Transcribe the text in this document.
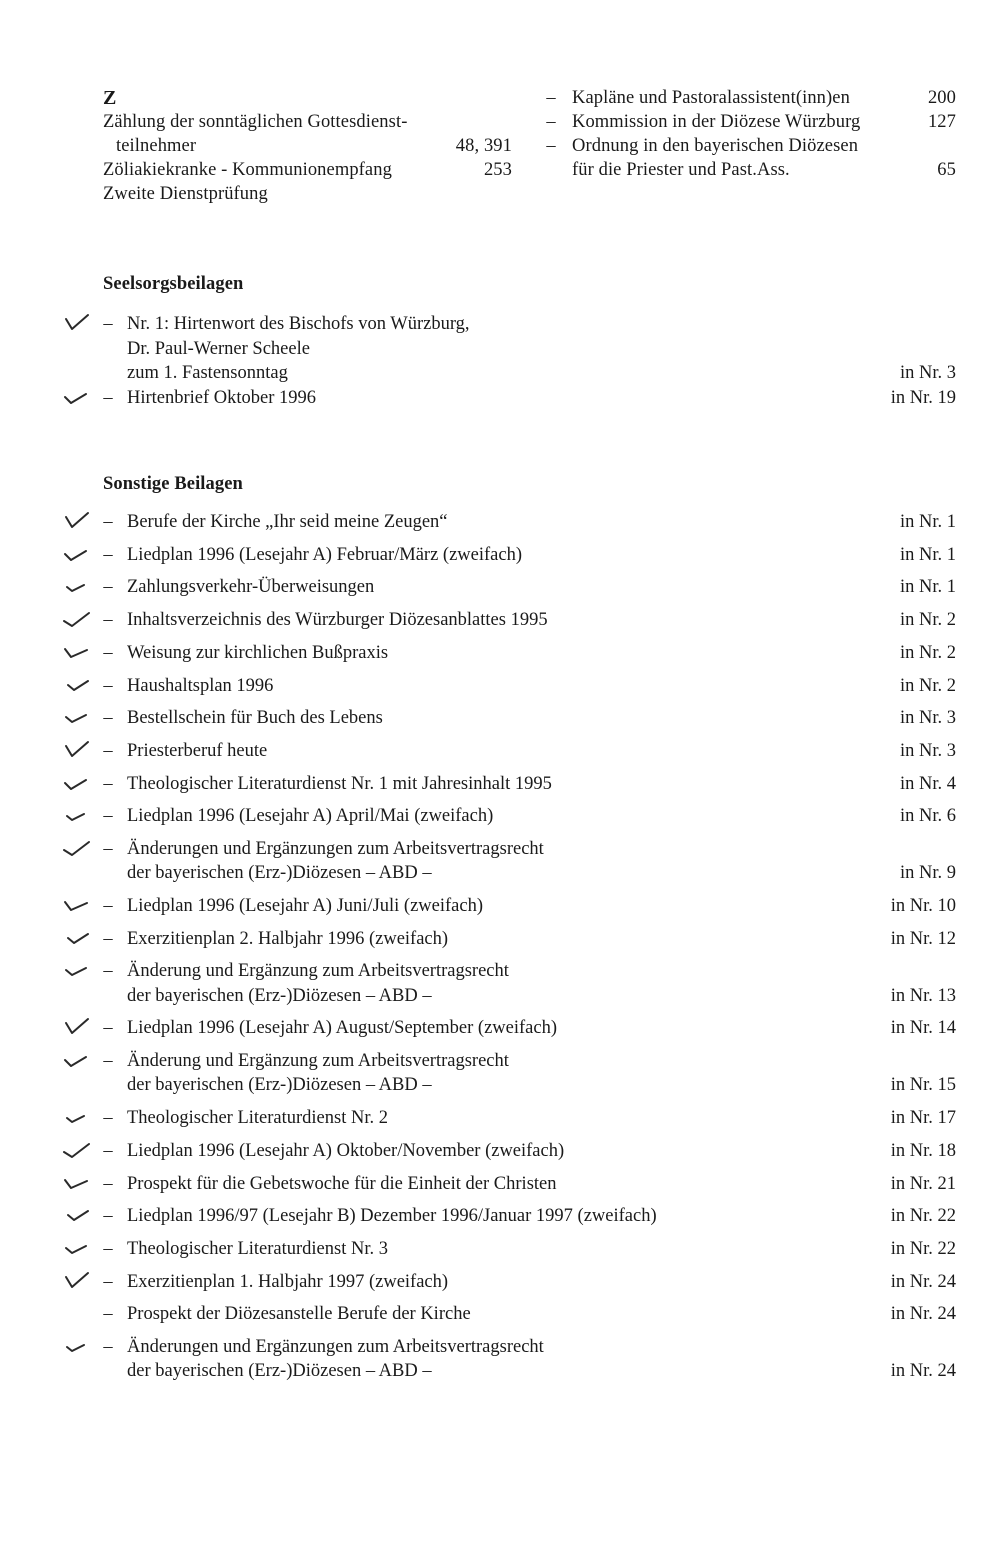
Z
Zählung der sonntäglichen Gottesdienst-
teilnehmer	48, 391
Zöliakiekranke - Kommunionempfang	253
Zweite Dienstprüfung
– Kapläne und Pastoralassistent(inn)en	200
– Kommission in der Diözese Würzburg	127
– Ordnung in den bayerischen Diözesen
für die Priester und Past.Ass.	65
Seelsorgsbeilagen
– Nr. 1: Hirtenwort des Bischofs von Würzburg,
Dr. Paul-Werner Scheele
zum 1. Fastensonntag	in Nr. 3
– Hirtenbrief Oktober 1996	in Nr. 19
Sonstige Beilagen
– Berufe der Kirche „Ihr seid meine Zeugen“	in Nr. 1
– Liedplan 1996 (Lesejahr A) Februar/März (zweifach)	in Nr. 1
– Zahlungsverkehr-Überweisungen	in Nr. 1
– Inhaltsverzeichnis des Würzburger Diözesanblattes 1995	in Nr. 2
– Weisung zur kirchlichen Bußpraxis	in Nr. 2
– Haushaltsplan 1996	in Nr. 2
– Bestellschein für Buch des Lebens	in Nr. 3
– Priesterberuf heute	in Nr. 3
– Theologischer Literaturdienst Nr. 1 mit Jahresinhalt 1995	in Nr. 4
– Liedplan 1996 (Lesejahr A) April/Mai (zweifach)	in Nr. 6
– Änderungen und Ergänzungen zum Arbeitsvertragsrecht
der bayerischen (Erz-)Diözesen – ABD –	in Nr. 9
– Liedplan 1996 (Lesejahr A) Juni/Juli (zweifach)	in Nr. 10
– Exerzitienplan 2. Halbjahr 1996 (zweifach)	in Nr. 12
– Änderung und Ergänzung zum Arbeitsvertragsrecht
der bayerischen (Erz-)Diözesen – ABD –	in Nr. 13
– Liedplan 1996 (Lesejahr A) August/September (zweifach)	in Nr. 14
– Änderung und Ergänzung zum Arbeitsvertragsrecht
der bayerischen (Erz-)Diözesen – ABD –	in Nr. 15
– Theologischer Literaturdienst Nr. 2	in Nr. 17
– Liedplan 1996 (Lesejahr A) Oktober/November (zweifach)	in Nr. 18
– Prospekt für die Gebetswoche für die Einheit der Christen	in Nr. 21
– Liedplan 1996/97 (Lesejahr B) Dezember 1996/Januar 1997 (zweifach)	in Nr. 22
– Theologischer Literaturdienst Nr. 3	in Nr. 22
– Exerzitienplan 1. Halbjahr 1997 (zweifach)	in Nr. 24
– Prospekt der Diözesanstelle Berufe der Kirche	in Nr. 24
– Änderungen und Ergänzungen zum Arbeitsvertragsrecht
der bayerischen (Erz-)Diözesen – ABD –	in Nr. 24
